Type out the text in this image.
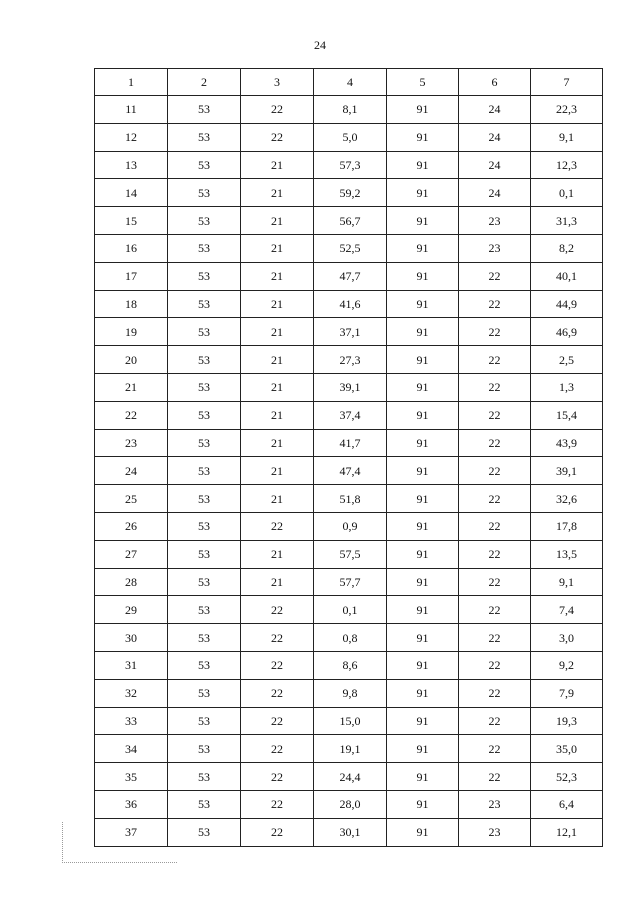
24
1	2	3	4	5	6	7
11	53	22	8,1	91	24	22,3
12	53	22	5,0	91	24	9,1
13	53	21	57,3	91	24	12,3
14	53	21	59,2	91	24	0,1
15	53	21	56,7	91	23	31,3
16	53	21	52,5	91	23	8,2
17	53	21	47,7	91	22	40,1
18	53	21	41,6	91	22	44,9
19	53	21	37,1	91	22	46,9
20	53	21	27,3	91	22	2,5
21	53	21	39,1	91	22	1,3
22	53	21	37,4	91	22	15,4
23	53	21	41,7	91	22	43,9
24	53	21	47,4	91	22	39,1
25	53	21	51,8	91	22	32,6
26	53	22	0,9	91	22	17,8
27	53	21	57,5	91	22	13,5
28	53	21	57,7	91	22	9,1
29	53	22	0,1	91	22	7,4
30	53	22	0,8	91	22	3,0
31	53	22	8,6	91	22	9,2
32	53	22	9,8	91	22	7,9
33	53	22	15,0	91	22	19,3
34	53	22	19,1	91	22	35,0
35	53	22	24,4	91	22	52,3
36	53	22	28,0	91	23	6,4
37	53	22	30,1	91	23	12,1
